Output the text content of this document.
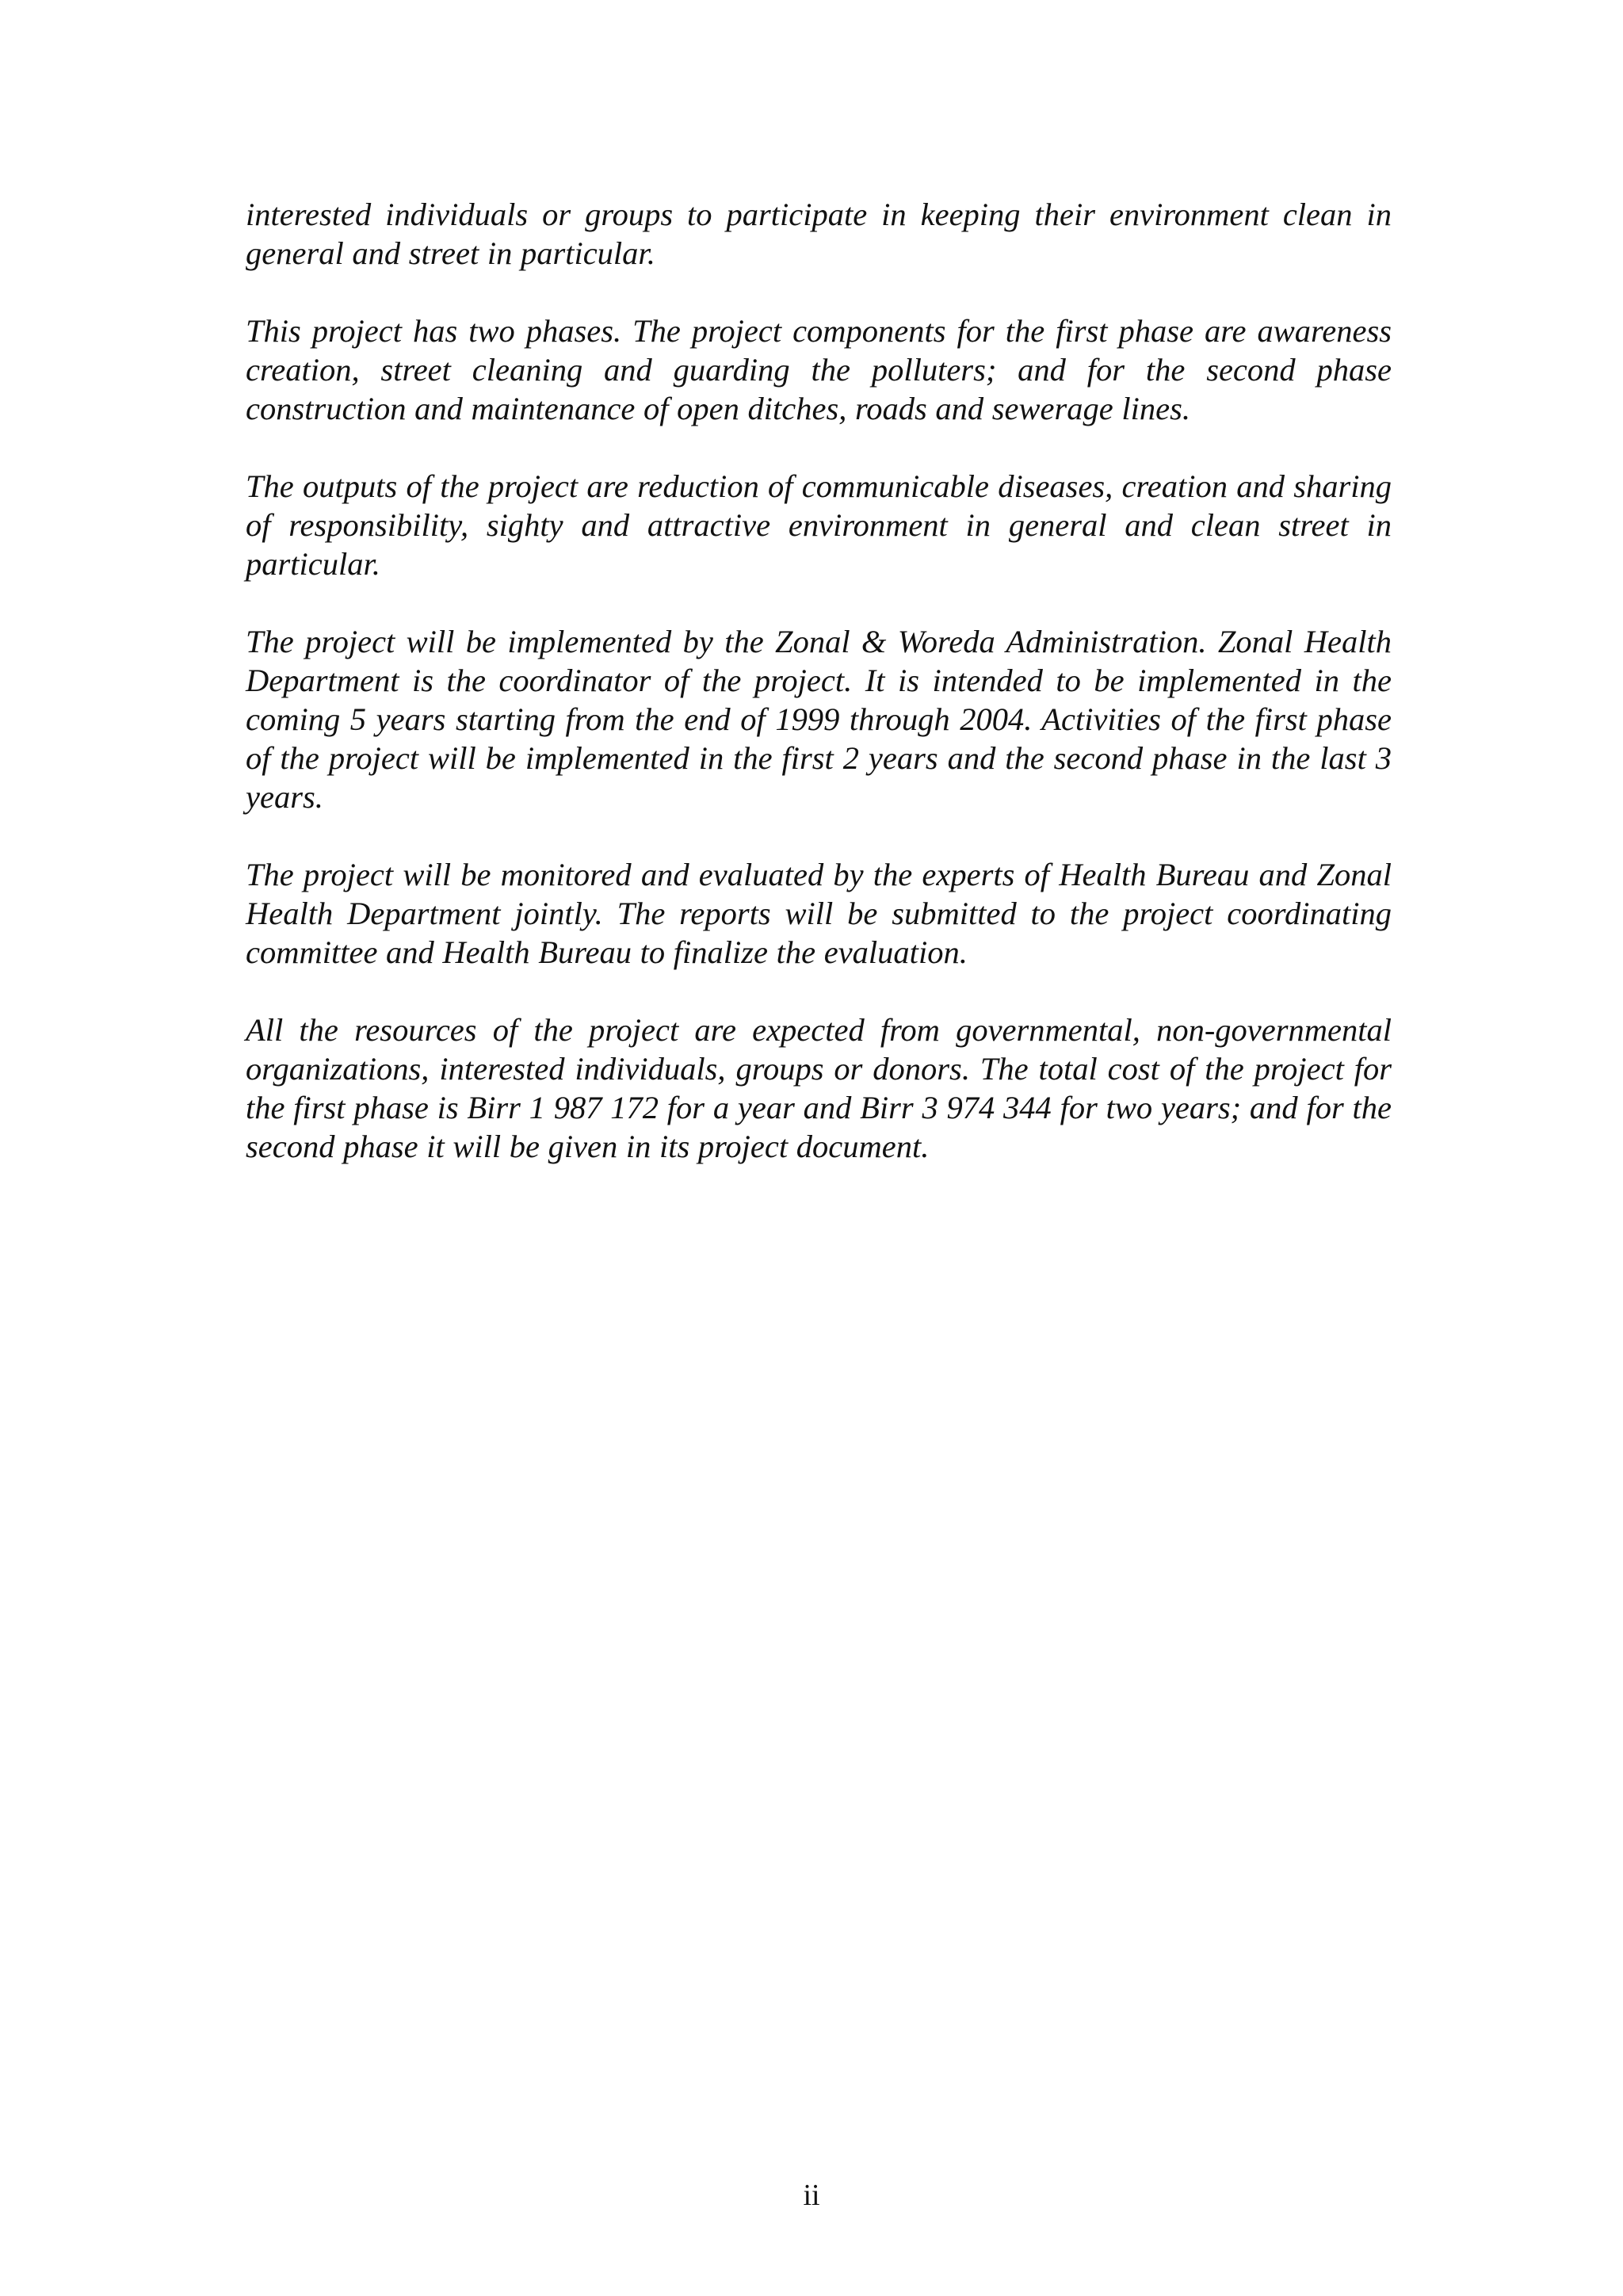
interested individuals or groups to participate in keeping their environment clean in general and street in particular.

This project has two phases. The project components for the first phase are awareness creation, street cleaning and guarding the polluters; and for the second phase construction and maintenance of open ditches, roads and sewerage lines.

The outputs of the project are reduction of communicable diseases, creation and sharing of responsibility, sighty and attractive environment in general and clean street in particular.

The project will be implemented by the Zonal & Woreda Administration. Zonal Health Department is the coordinator of the project. It is intended to be implemented in the coming 5 years starting from the end of 1999 through 2004. Activities of the first phase of the project will be implemented in the first 2 years and the second phase in the last 3 years.

The project will be monitored and evaluated by the experts of Health Bureau and Zonal Health Department jointly. The reports will be submitted to the project coordinating committee and Health Bureau to finalize the evaluation.

All the resources of the project are expected from governmental, non-governmental organizations, interested individuals, groups or donors. The total cost of the project for the first phase is Birr 1 987 172 for a year and Birr 3 974 344 for two years; and for the second phase it will be given in its project document.

ii
